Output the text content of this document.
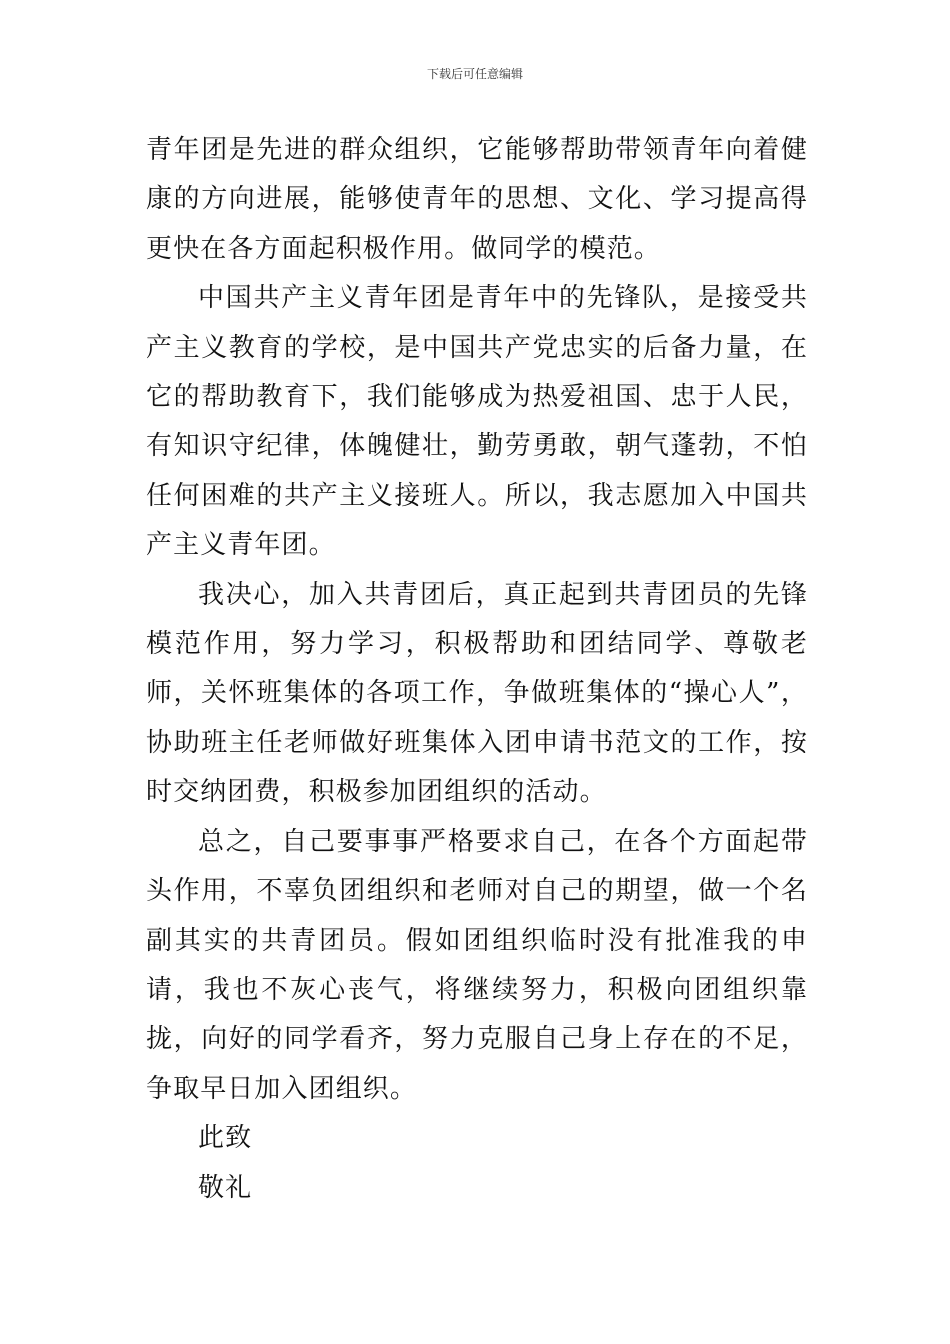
下载后可任意编辑

青年团是先进的群众组织，它能够帮助带领青年向着健康的方向进展，能够使青年的思想、文化、学习提高得更快在各方面起积极作用。做同学的模范。

中国共产主义青年团是青年中的先锋队，是接受共产主义教育的学校，是中国共产党忠实的后备力量，在它的帮助教育下，我们能够成为热爱祖国、忠于人民，有知识守纪律，体魄健壮，勤劳勇敢，朝气蓬勃，不怕任何困难的共产主义接班人。所以，我志愿加入中国共产主义青年团。

我决心，加入共青团后，真正起到共青团员的先锋模范作用，努力学习，积极帮助和团结同学、尊敬老师，关怀班集体的各项工作，争做班集体的“操心人”，协助班主任老师做好班集体入团申请书范文的工作，按时交纳团费，积极参加团组织的活动。

总之，自己要事事严格要求自己，在各个方面起带头作用，不辜负团组织和老师对自己的期望，做一个名副其实的共青团员。假如团组织临时没有批准我的申请，我也不灰心丧气，将继续努力，积极向团组织靠拢，向好的同学看齐，努力克服自己身上存在的不足，争取早日加入团组织。

此致

敬礼
